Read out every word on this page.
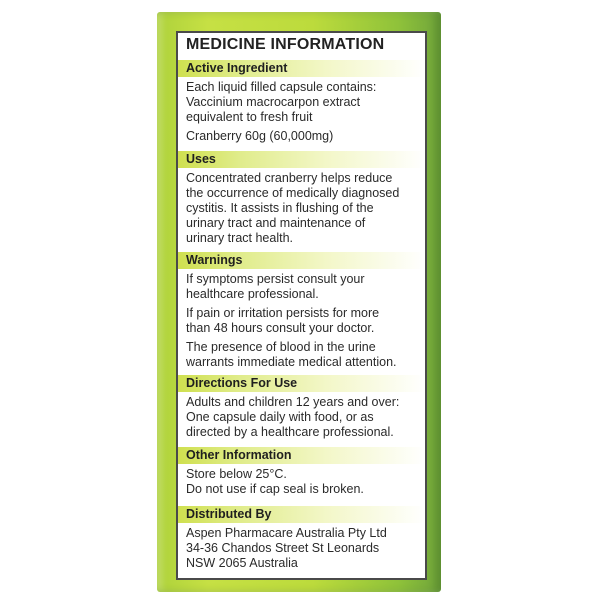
MEDICINE INFORMATION
Active Ingredient
Each liquid filled capsule contains:
Vaccinium macrocarpon extract
equivalent to fresh fruit
Cranberry 60g (60,000mg)
Uses
Concentrated cranberry helps reduce
the occurrence of medically diagnosed
cystitis. It assists in flushing of the
urinary tract and maintenance of
urinary tract health.
Warnings
If symptoms persist consult your
healthcare professional.
If pain or irritation persists for more
than 48 hours consult your doctor.
The presence of blood in the urine
warrants immediate medical attention.
Directions For Use
Adults and children 12 years and over:
One capsule daily with food, or as
directed by a healthcare professional.
Other Information
Store below 25°C.
Do not use if cap seal is broken.
Distributed By
Aspen Pharmacare Australia Pty Ltd
34-36 Chandos Street St Leonards
NSW 2065 Australia
